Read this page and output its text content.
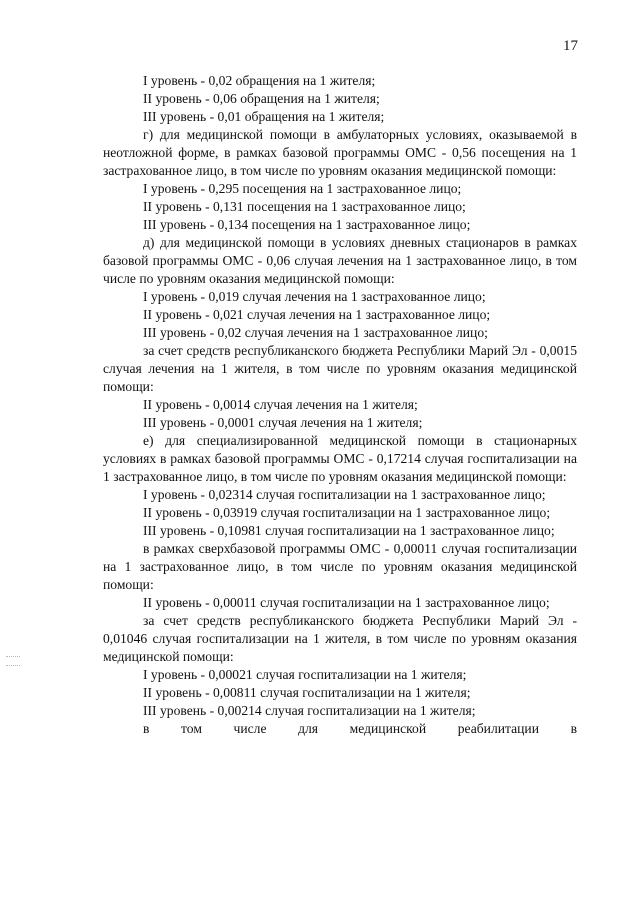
17

I уровень - 0,02 обращения на 1 жителя;

II уровень - 0,06 обращения на 1 жителя;

III уровень - 0,01 обращения на 1 жителя;

г) для медицинской помощи в амбулаторных условиях, оказываемой в неотложной форме, в рамках базовой программы ОМС - 0,56 посещения на 1 застрахованное лицо, в том числе по уровням оказания медицинской помощи:

I уровень - 0,295 посещения на 1 застрахованное лицо;

II уровень - 0,131 посещения на 1 застрахованное лицо;

III уровень - 0,134 посещения на 1 застрахованное лицо;

д) для медицинской помощи в условиях дневных стационаров в рамках базовой программы ОМС - 0,06 случая лечения на 1 застрахованное лицо, в том числе по уровням оказания медицинской помощи:

I уровень - 0,019 случая лечения на 1 застрахованное лицо;

II уровень - 0,021 случая лечения на 1 застрахованное лицо;

III уровень - 0,02 случая лечения на 1 застрахованное лицо;

за счет средств республиканского бюджета Республики Марий Эл - 0,0015 случая лечения на 1 жителя, в том числе по уровням оказания медицинской помощи:

II уровень - 0,0014 случая лечения на 1 жителя;

III уровень - 0,0001 случая лечения на 1 жителя;

е) для специализированной медицинской помощи в стационарных условиях в рамках базовой программы ОМС - 0,17214 случая госпитализации на 1 застрахованное лицо, в том числе по уровням оказания медицинской помощи:

I уровень - 0,02314 случая госпитализации на 1 застрахованное лицо;

II уровень - 0,03919 случая госпитализации на 1 застрахованное лицо;

III уровень - 0,10981 случая госпитализации на 1 застрахованное лицо;

в рамках сверхбазовой программы ОМС - 0,00011 случая госпитализации на 1 застрахованное лицо, в том числе по уровням оказания медицинской помощи:

II уровень - 0,00011 случая госпитализации на 1 застрахованное лицо;

за счет средств республиканского бюджета Республики Марий Эл - 0,01046 случая госпитализации на 1 жителя, в том числе по уровням оказания медицинской помощи:

I уровень - 0,00021 случая госпитализации на 1 жителя;

II уровень - 0,00811 случая госпитализации на 1 жителя;

III уровень - 0,00214 случая госпитализации на 1 жителя;

в том числе для медицинской реабилитации в
